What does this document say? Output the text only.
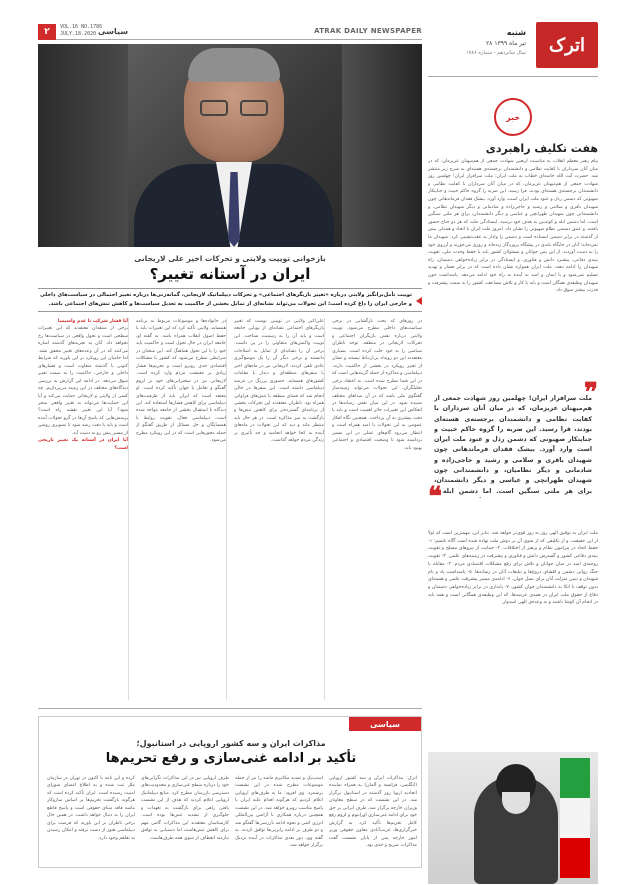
۲	VOL.16 NO.1786
JULY.18.2020 سیاسی	ATRAK DAILY NEWSPAPER
بازخوانی توییت ولایتی و تحرکات اخیر علی لاریجانی
ایران در آستانه تغییر؟
توییت تأمل‌برانگیز ولایتی درباره «تغییر بازیگرهای اجتماعی» و تحرکات دیپلماتیک لاریجانی، گمانه‌زنی‌ها درباره تغییر احتمالی در سیاست‌های داخلی و خارجی ایران را داغ کرده است؛ این تحولات می‌تواند نشانه‌ای از تمایل بخشی از حاکمیت به تعدیل سیاست‌ها و کاهش تنش‌های اجتماعی باشد.
در روزهای که بحث بازگشایی در برخی سیاست‌های داخلی مطرح می‌شود، توییت ولایتی درباره نقش بازیگران اجتماعی و تحرکات لاریجانی در منطقه، توجه ناظران سیاسی را به خود جلب کرده است. بسیاری معتقدند این دو رویداد بی‌ارتباط نیستند و نشان از تغییر رویکرد در بخشی از حاکمیت دارند. دیپلماسی و مذاکره از جمله گزینه‌هایی است که در این فضا مطرح شده است. به اعتقاد برخی تحلیلگران، این تحولات می‌تواند زمینه‌ساز گفتگوی ملی باشد که در آن صداهای مختلف شنیده شود. در این میان نقش رسانه‌ها در انعکاس این تغییرات حائز اهمیت است و باید با دقت بیشتری به آن پرداخت. همچنین نگاه افکار عمومی به این تحولات با امید همراه است و انتظار می‌رود گام‌های عملی در این مسیر برداشته شود تا وضعیت اقتصادی و اجتماعی بهبود یابد.
علی‌اکبر ولایتی در توییتی نوشت که تغییر بازیگرهای اجتماعی نشانه‌ای از پویایی جامعه است و باید آن را به رسمیت شناخت. این توییت واکنش‌های متفاوتی را در پی داشت. برخی آن را نشانه‌ای از تمایل به اصلاحات دانستند و برخی دیگر آن را یک موضع‌گیری عادی تلقی کردند. لاریجانی نیز در ماه‌های اخیر با سفرهای منطقه‌ای و دیدار با مقامات کشورهای همسایه، حضوری پررنگ در عرصه دیپلماسی داشته است. این سفرها در حالی انجام شد که فضای منطقه با تنش‌های فراوانی همراه بود. ناظران معتقدند این تحرکات بخشی از برنامه‌ای گسترده‌تر برای کاهش تنش‌ها و بازگشت به میز مذاکره است. در هر حال باید منتظر ماند و دید که این تحولات در ماه‌های آینده به کجا خواهد انجامید و چه تأثیری بر زندگی مردم خواهد گذاشت.
در خانواده‌ها و موضوعات مربوط به برنامه همسایه، ولایتی تأکید کرد که این تغییرات باید با حفظ اصول انقلاب همراه باشد. به گفته او، جامعه ایران در حال تحول است و حاکمیت باید خود را با این تحول هماهنگ کند. این سخنان در شرایطی مطرح می‌شود که کشور با مشکلات اقتصادی جدی روبرو است و تحریم‌ها فشار زیادی بر معیشت مردم وارد کرده است. لاریجانی نیز در سخنرانی‌های خود بر لزوم گفتگو و تعامل با جهان تأکید کرده است. او معتقد است که ایران باید از ظرفیت‌های دیپلماسی برای کاهش فشارها استفاده کند. این دیدگاه با استقبال بخشی از جامعه مواجه شده است. دیپلماسی فعال، تقویت روابط با همسایگان و حل مسائل از طریق گفتگو از جمله محورهایی است که در این رویکرد مطرح می‌شود.
آیا فشار شرکت تا عدم واسیمیا
برخی از منتقدان معتقدند که این تغییرات سطحی است و تحول واقعی در سیاست‌ها رخ نخواهد داد. آنان به تجربه‌های گذشته اشاره می‌کنند که در آن وعده‌های تغییر محقق نشد. اما حامیان این رویکرد بر این باورند که شرایط کنونی با گذشته متفاوت است و فشارهای داخلی و خارجی، حاکمیت را به سمت تغییر سوق می‌دهد. در ادامه این گزارش به بررسی دیدگاه‌های مختلف در این زمینه می‌پردازیم. چه کسی از ولایتی و لاریجانی حمایت می‌کند و آیا این حمایت‌ها می‌تواند به تغییر واقعی منجر شود؟ آیا این تغییر نقشه راه است؟ پرسش‌هایی که پاسخ آن‌ها در گرو تحولات آینده است و باید با دقت رصد شود تا تصویری روشن از مسیر پیش رو به دست آید.
آیا ایران در آستانه یک تغییر تاریخی است؟
سیاسی
مذاکرات ایران و سه کشور اروپایی در استانبول؛
تأکید بر ادامه غنی‌سازی و رفع تحریم‌ها
اترک: مذاکرات ایران و سه کشور اروپایی (انگلیس، فرانسه و آلمان) به همراه نماینده اتحادیه اروپا روز گذشته در استانبول برگزار شد. در این نشست که در سطح معاونان وزیران خارجه برگزار شد، طرف ایرانی بر حق خود برای ادامه غنی‌سازی اورانیوم و لزوم رفع کامل تحریم‌ها تأکید کرد. به گزارش خبرگزاری‌ها، غریب‌آبادی معاون حقوقی وزیر امور خارجه پس از پایان نشست گفت مذاکرات صریح و جدی بود.
اسنپ‌بک و تمدید مکانیزم ماشه را نیز از جمله موضوعات مطرح شده در این نشست برشمرد. وی افزود: ما به طرف‌های اروپایی اعلام کردیم که هرگونه اقدام علیه ایران با پاسخ مناسب روبرو خواهد شد. در این نشست همچنین درباره همکاری با آژانس بین‌المللی انرژی اتمی و نحوه ادامه بازرسی‌ها گفتگو شد و دو طرف بر ادامه رایزنی‌ها توافق کردند. به گفته وی، دور بعدی مذاکرات در آینده نزدیک برگزار خواهد شد.
طرف اروپایی نیز در این مذاکرات نگرانی‌های خود را درباره سطح غنی‌سازی و محدودیت‌های دسترسی بازرسان مطرح کرد. منابع دیپلماتیک اروپایی اعلام کردند که هدف از این نشست یافتن راهی برای بازگشت به تعهدات و جلوگیری از تشدید تنش‌ها بوده است. کارشناسان معتقدند این مذاکرات گامی مهم برای کاهش تنش‌هاست اما دستیابی به توافق نیازمند انعطاف از سوی همه طرف‌هاست.
کرده و این نامه با اکنون در تهران در سازمان ملل ثبت شده و به اطلاع اعضای شورای امنیت رسیده است. ایران تأکید کرده است که هرگونه بازگشت تحریم‌ها بر اساس سازوکار ماشه فاقد مبنای حقوقی است و پاسخ قاطع ایران را به دنبال خواهد داشت. در همین حال برخی ناظران بر این باورند که فرصت برای دیپلماسی هنوز از دست نرفته و امکان رسیدن به تفاهم وجود دارد.
اترک
شنبه
۲۸ تیر ماه ۱۳۹۹
سال شانزدهم - شماره ۱۷۸۶
خبر
هفت تکلیف راهبردی
پیام رهبر معظم انقلاب به مناسبت اربعین شهادت جمعی از هم‌میهنان عزیزمان، که در میان آنان سرداران با کفایت نظامی و دانشمندان برجسته‌ی هسته‌ای به شرح زیر منتشر شد. حضرت آیت الله خامنه‌ای خطاب به ملت ایران: ملت سرافراز ایران! چهلمین روز شهادت جمعی از هم‌میهنان عزیزمان، که در میان آنان سرداران با کفایت نظامی و دانشمندان برجسته‌ی هسته‌ای بودند، فرا رسید. این ضربه را گروه حاکم خبیث و جنایتکار صهیونی که دشمن رذل و عنود ملت ایران است، وارد آورد. بیشک فقدان فرماندهانی چون شهیدان باقری و سلامی و رشید و حاجی‌زاده و شادمانی و دیگر شهیدان نظامی، و دانشمندانی چون شهیدان طهرانچی و عباسی و دیگر دانشمندان، برای هر ملتی سنگین است. اما دشمن ابله و کوته‌بین به هدف خود نرسید. ایستادگی ملت که هر دو جناح حضور یافتند، و عمق دشمنی نظام صهیونی را نشان داد. امروز ملت ایران با اتحاد و همدلی بیش از گذشته در برابر دشمن ایستاده است و دشمن را وادار به عقب‌نشینی کرد. شهیدان ما نمرده‌اند؛ آنان در جایگاه بلندی در پیشگاه پروردگار زنده‌اند و روزی می‌خورند و آرزوی خود را به دست آوردند. از این پس جوانان و مسئولان کشور باید با حفظ وحدت ملی، تقویت بنیه‌ی دفاعی، پیشبرد دانش و فناوری، و ایستادگی در برابر زیاده‌خواهی دشمنان، راه شهیدان را ادامه دهند. ملت ایران همواره نشان داده است که در برابر فشار و تهدید تسلیم نمی‌شود و با ایمان و امید به آینده به راه خود ادامه می‌دهد. پاسداشت خون شهیدان وظیفه‌ی همگان است و باید با کار و تلاش مضاعف، کشور را به سمت پیشرفت و قدرت بیشتر سوق داد.
❞
ملت سرافراز ایران! چهلمین روز شهادت جمعی از هم‌میهنان عزیزمان، که در میان آنان سرداران با کفایت نظامی و دانشمندان برجسته‌ی هسته‌ای بودند، فرا رسید. این ضربه را گروه حاکم خبیث و جنایتکار صهیونی که دشمن رذل و عنود ملت ایران است وارد آورد. بیشک فقدان فرماندهانی چون شهیدان باقری و سلامی و رشید و حاجی‌زاده و شادمانی و دیگر نظامیان، و دانشمندانی چون شهیدان طهرانچی و عباسی و دیگر دانشمندان، برای هر ملتی سنگین است. اما دشمن ابله و
❝
ملت ایران به توفیق الهی روز به روز قوی‌تر خواهد شد. بنابر این، مهمترین است که اولاً از این حقیقت، و از تکلیفی که از سوی آن بر دوش ملت نهاده شده است آگاه باشیم: ۱- حفظ اتحاد در پیرامون نظام و پرهیز از اختلافات. ۲- حمایت از نیروهای مسلح و تقویت بنیه‌ی دفاعی کشور و گسترش دانش و فناوری و پیشرفت در زمینه‌های علمی. ۳- تقویت روحیه‌ی امید در میان جوانان و تلاش برای رفع مشکلات اقتصادی مردم. ۴- مقابله با جنگ روانی دشمن و افشای دروغ‌ها و تبلیغات آنان در رسانه‌ها. ۵- پاسداشت یاد و نام شهیدان و تبیین منزلت آنان برای نسل جوان. ۶- ادامه‌ی مسیر پیشرفت علمی و هسته‌ای بدون توقف با اتکا به دانشمندان جوان کشور. ۷- پایداری در برابر زیاده‌خواهی دشمنان و دفاع از حقوق ملت ایران در همه‌ی عرصه‌ها، که این وظیفه‌ی همگانی است و همه باید در انجام آن کوشا باشند و به وعده‌ی الهی امیدوار.
